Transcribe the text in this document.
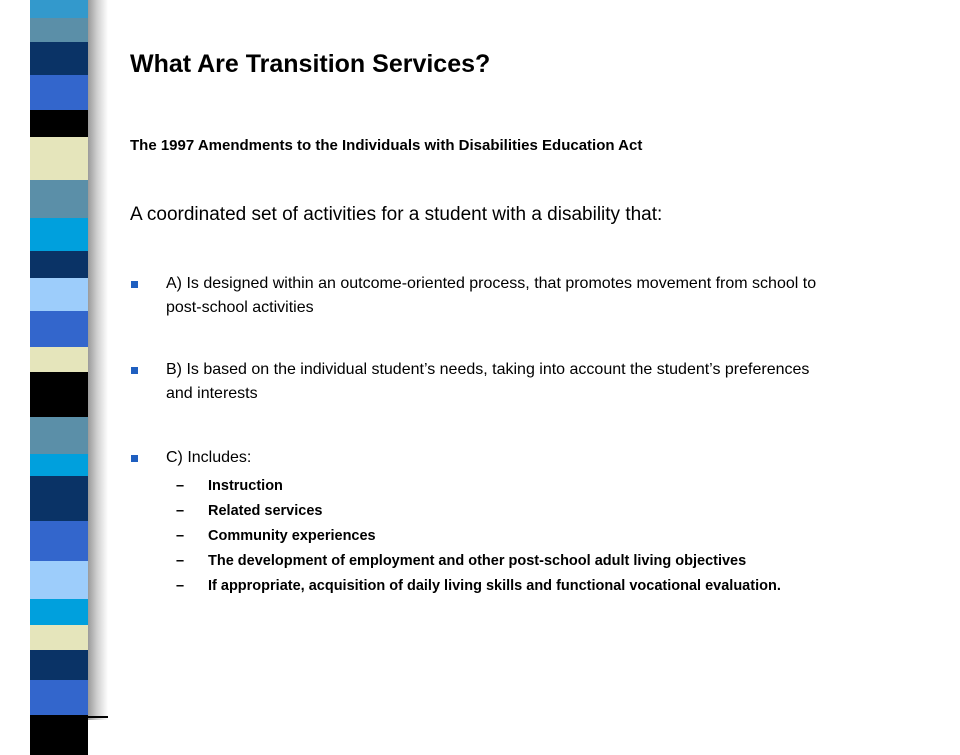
What Are Transition Services?
The 1997 Amendments to the Individuals with Disabilities Education Act
A coordinated set of activities for a student with a disability that:
A) Is designed within an outcome-oriented process, that promotes movement from school to post-school activities
B) Is based on the individual student’s needs, taking into account the student’s preferences and interests
C) Includes:
– Instruction
– Related services
– Community experiences
– The development of employment and other post-school adult living objectives
– If appropriate, acquisition of daily living skills and functional vocational evaluation.
